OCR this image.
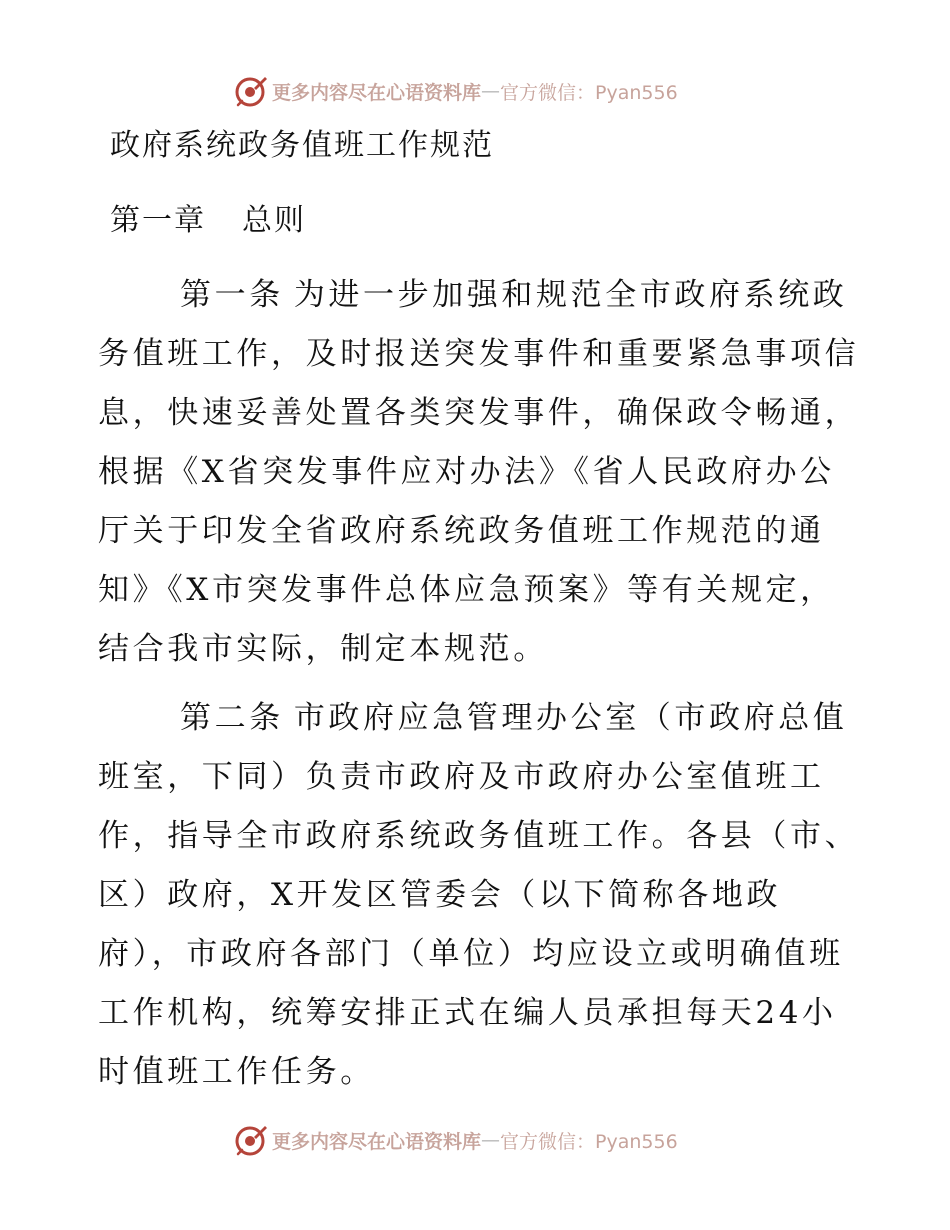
更多内容尽在心语资料库 — 官方微信：Pyan556
政府系统政务值班工作规范
第一章 总则
第一条 为进一步加强和规范全市政府系统政
务值班工作，及时报送突发事件和重要紧急事项信
息，快速妥善处置各类突发事件，确保政令畅通，
根据《X省突发事件应对办法》《省人民政府办公
厅关于印发全省政府系统政务值班工作规范的通
知》《X市突发事件总体应急预案》等有关规定，
结合我市实际，制定本规范。
第二条 市政府应急管理办公室（市政府总值
班室，下同）负责市政府及市政府办公室值班工
作，指导全市政府系统政务值班工作。各县（市、
区）政府，X开发区管委会（以下简称各地政
府），市政府各部门（单位）均应设立或明确值班
工作机构，统筹安排正式在编人员承担每天24小
时值班工作任务。
更多内容尽在心语资料库 — 官方微信：Pyan556
